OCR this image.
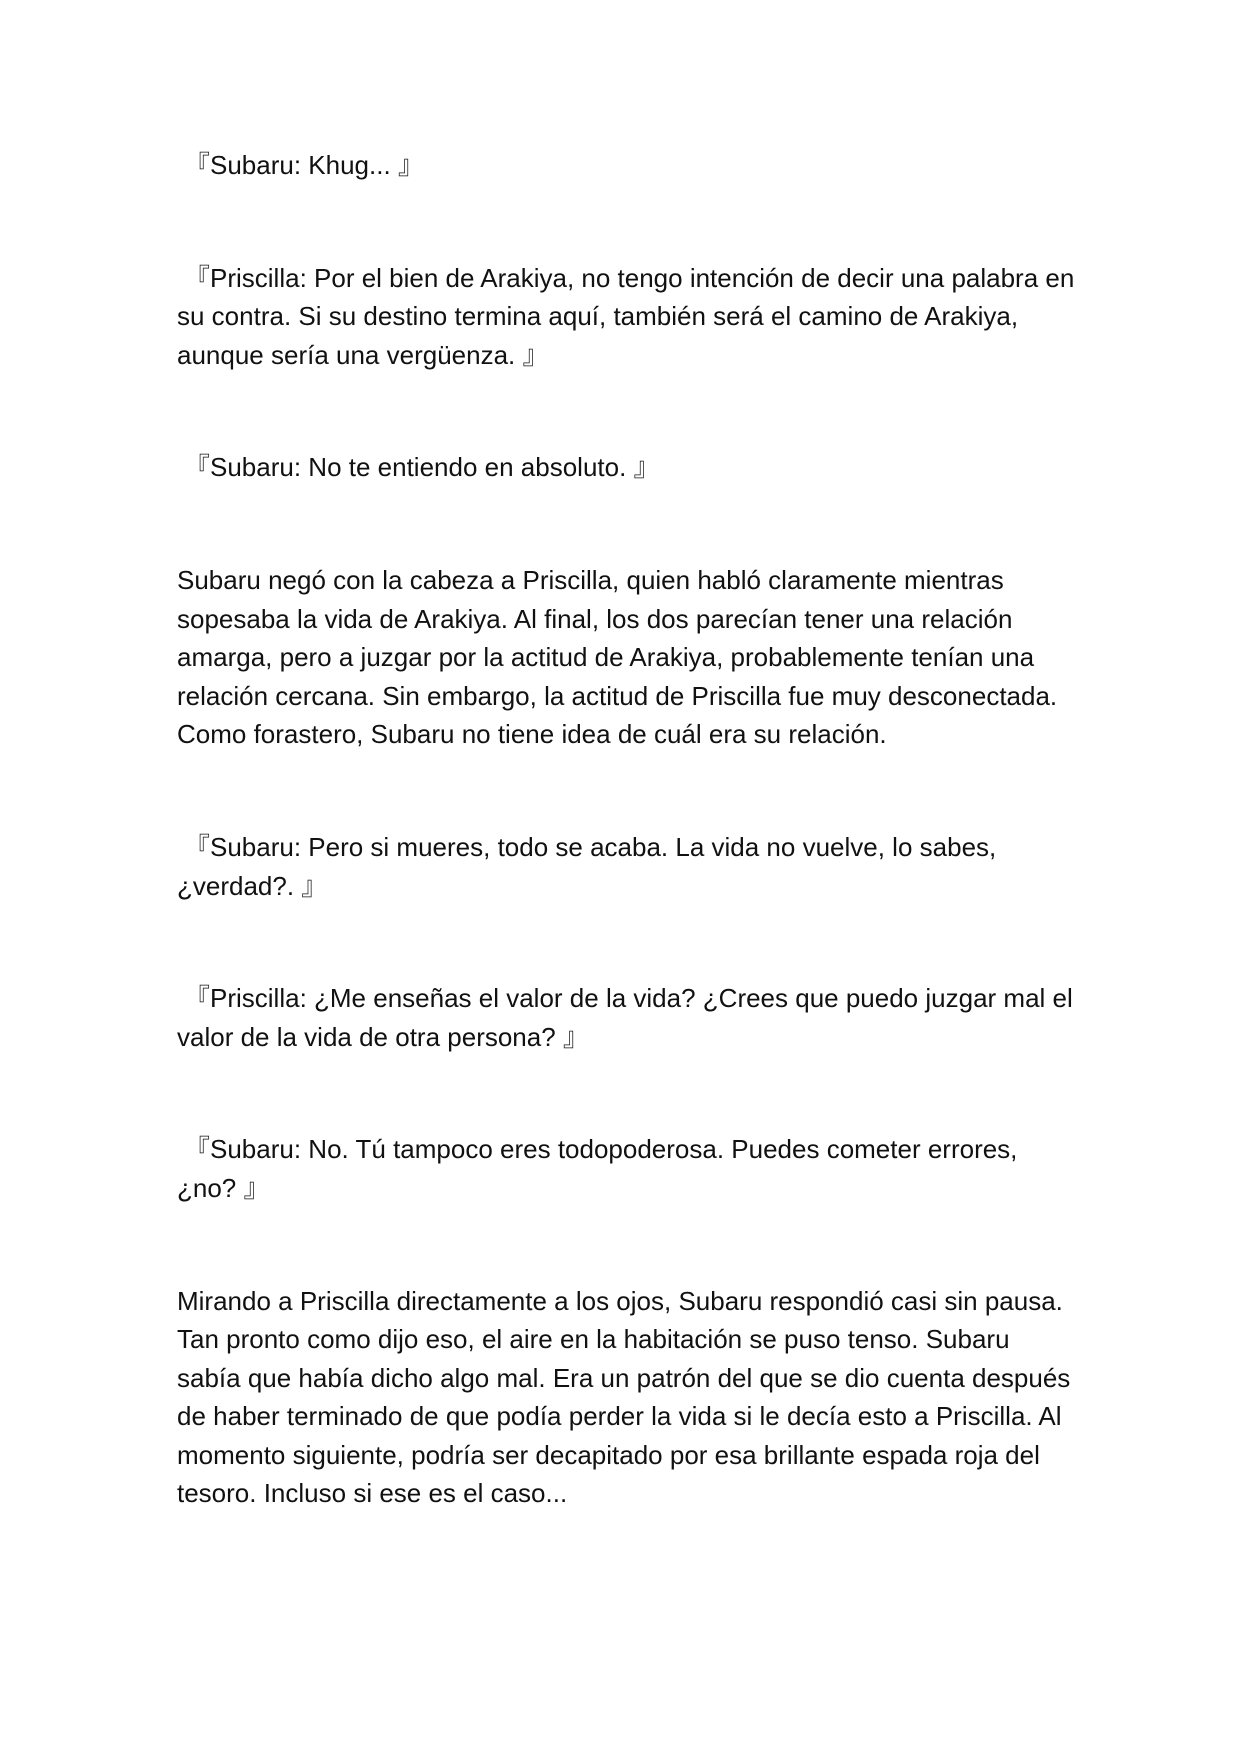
『Subaru: Khug... 』

『Priscilla: Por el bien de Arakiya, no tengo intención de decir una palabra en su contra. Si su destino termina aquí, también será el camino de Arakiya, aunque sería una vergüenza. 』

『Subaru: No te entiendo en absoluto. 』

Subaru negó con la cabeza a Priscilla, quien habló claramente mientras sopesaba la vida de Arakiya. Al final, los dos parecían tener una relación amarga, pero a juzgar por la actitud de Arakiya, probablemente tenían una relación cercana. Sin embargo, la actitud de Priscilla fue muy desconectada. Como forastero, Subaru no tiene idea de cuál era su relación.

『Subaru: Pero si mueres, todo se acaba. La vida no vuelve, lo sabes, ¿verdad?. 』

『Priscilla: ¿Me enseñas el valor de la vida? ¿Crees que puedo juzgar mal el valor de la vida de otra persona? 』

『Subaru: No. Tú tampoco eres todopoderosa. Puedes cometer errores, ¿no? 』

Mirando a Priscilla directamente a los ojos, Subaru respondió casi sin pausa. Tan pronto como dijo eso, el aire en la habitación se puso tenso. Subaru sabía que había dicho algo mal. Era un patrón del que se dio cuenta después de haber terminado de que podía perder la vida si le decía esto a Priscilla. Al momento siguiente, podría ser decapitado por esa brillante espada roja del tesoro. Incluso si ese es el caso...
